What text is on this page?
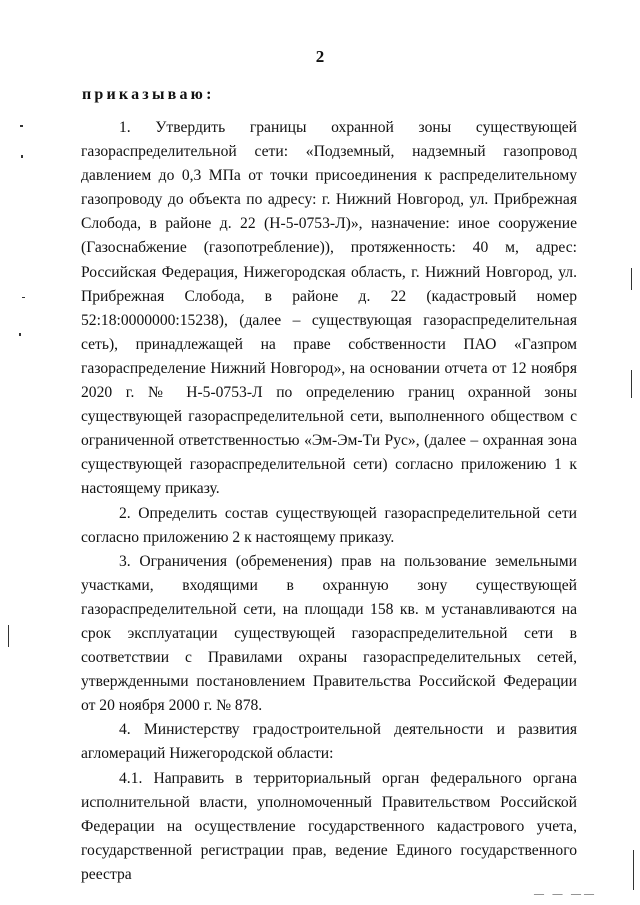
2
приказываю:

1. Утвердить границы охранной зоны существующей газораспределительной сети: «Подземный, надземный газопровод давлением до 0,3 МПа от точки присоединения к распределительному газопроводу до объекта по адресу: г. Нижний Новгород, ул. Прибрежная Слобода, в районе д. 22 (Н-5-0753-Л)», назначение: иное сооружение (Газоснабжение (газопотребление)), протяженность: 40 м, адрес: Российская Федерация, Нижегородская область, г. Нижний Новгород, ул. Прибрежная Слобода, в районе д. 22 (кадастровый номер 52:18:0000000:15238), (далее – существующая газораспределительная сеть), принадлежащей на праве собственности ПАО «Газпром газораспределение Нижний Новгород», на основании отчета от 12 ноября 2020 г. № Н-5-0753-Л по определению границ охранной зоны существующей газораспределительной сети, выполненного обществом с ограниченной ответственностью «Эм-Эм-Ти Рус», (далее – охранная зона существующей газораспределительной сети) согласно приложению 1 к настоящему приказу.

2. Определить состав существующей газораспределительной сети согласно приложению 2 к настоящему приказу.

3. Ограничения (обременения) прав на пользование земельными участками, входящими в охранную зону существующей газораспределительной сети, на площади 158 кв. м устанавливаются на срок эксплуатации существующей газораспределительной сети в соответствии с Правилами охраны газораспределительных сетей, утвержденными постановлением Правительства Российской Федерации от 20 ноября 2000 г. № 878.

4. Министерству градостроительной деятельности и развития агломераций Нижегородской области:

4.1. Направить в территориальный орган федерального органа исполнительной власти, уполномоченный Правительством Российской Федерации на осуществление государственного кадастрового учета, государственной регистрации прав, ведение Единого государственного реестра

— — ——
